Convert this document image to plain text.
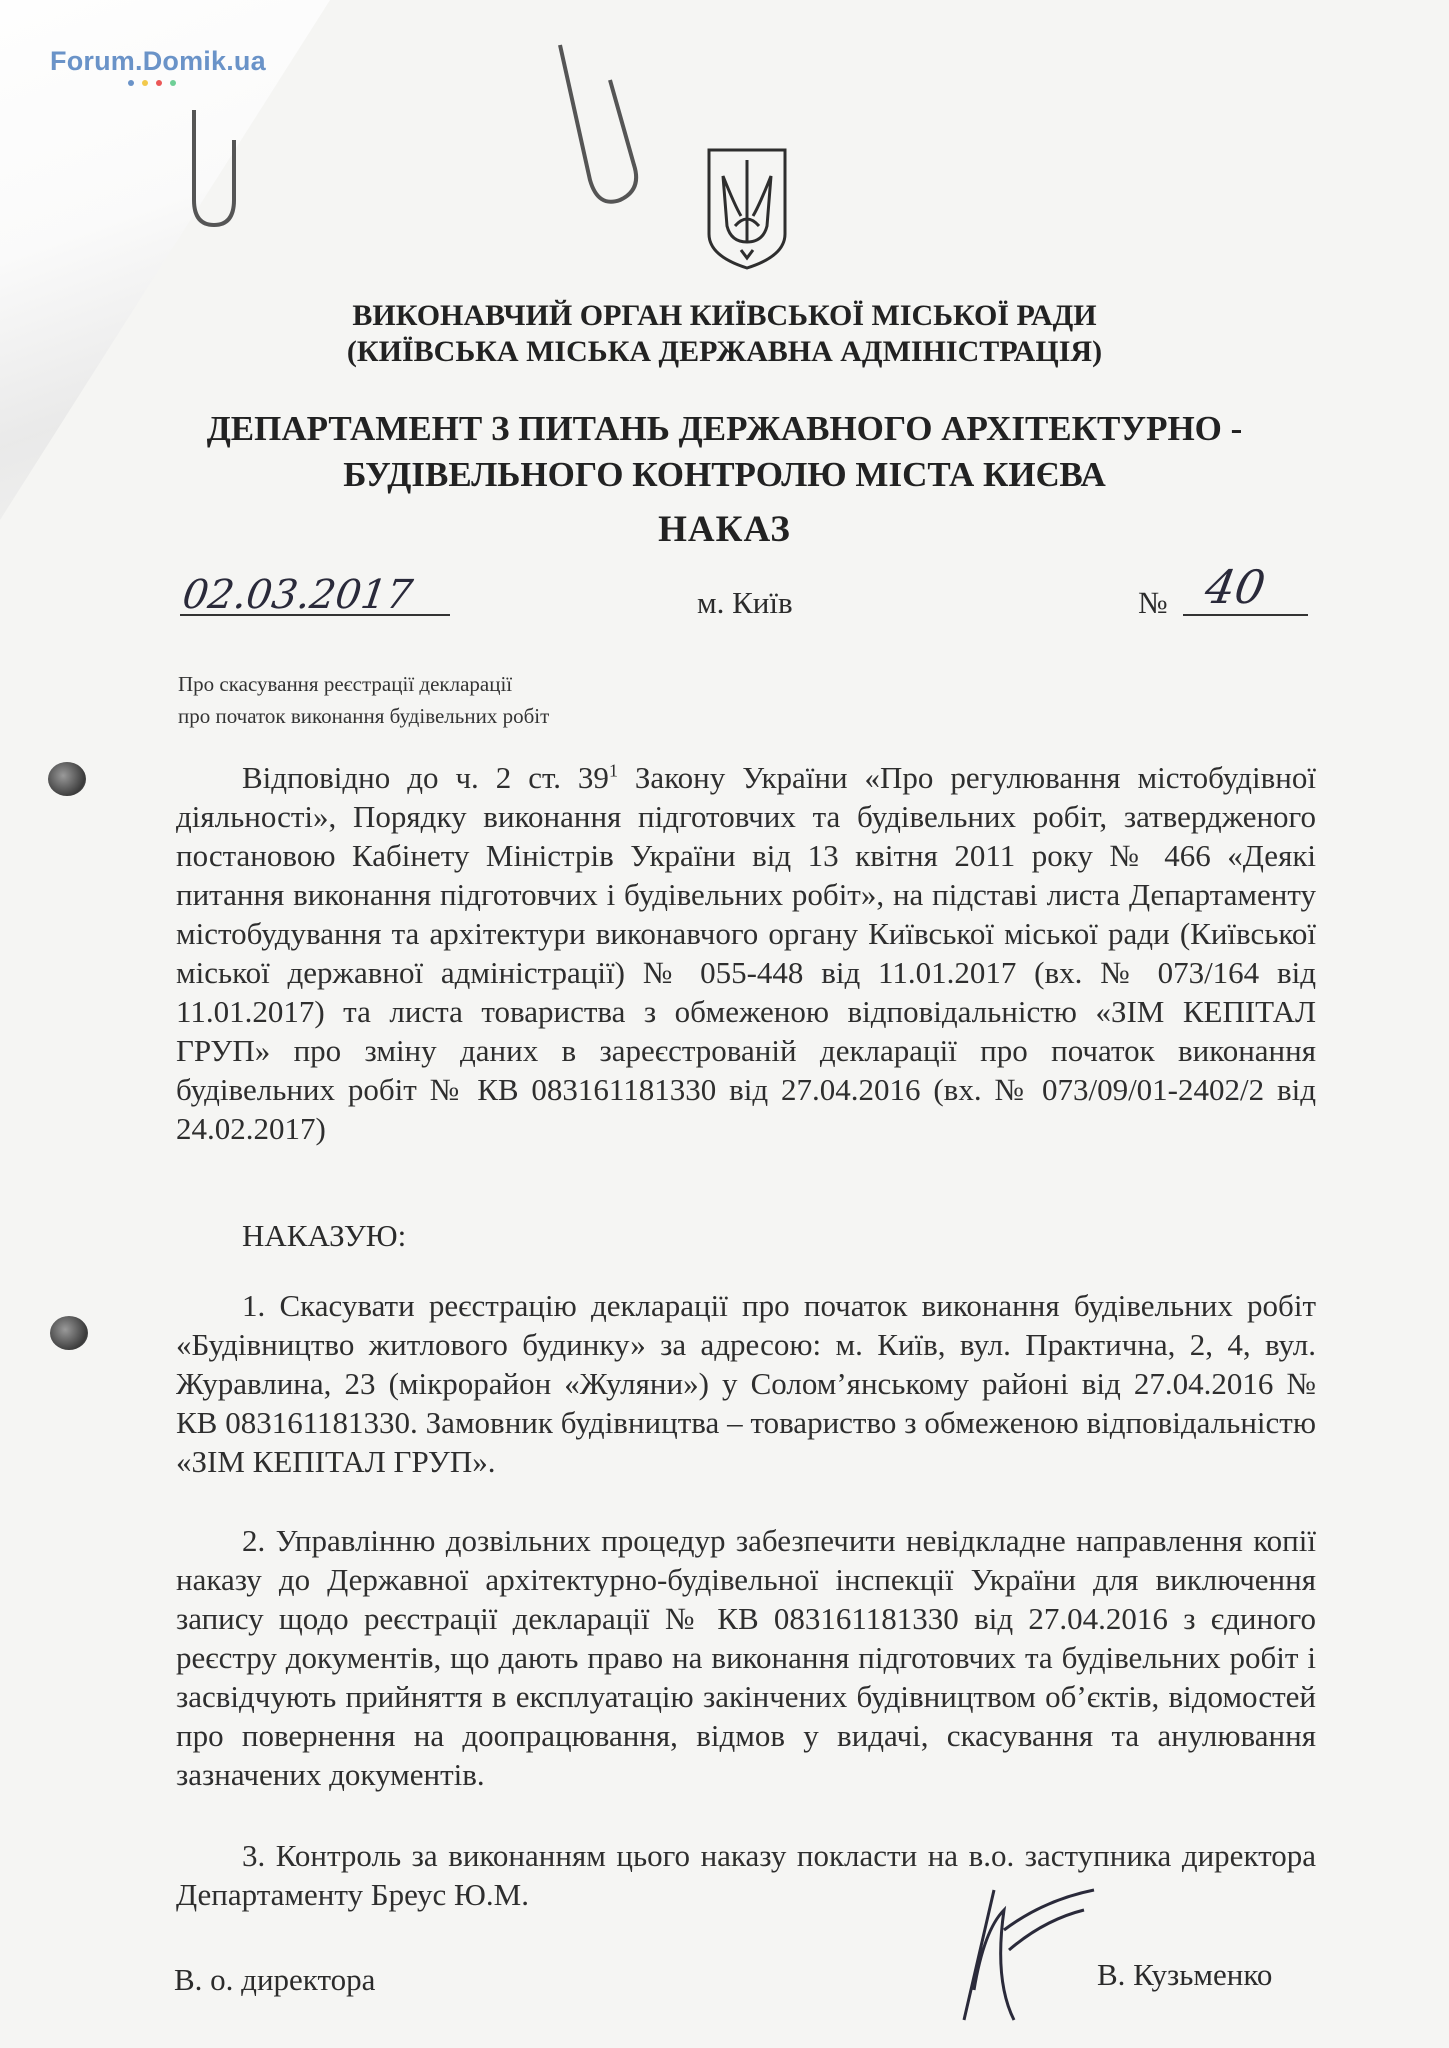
Forum.Domik.ua
ВИКОНАВЧИЙ ОРГАН КИЇВСЬКОЇ МІСЬКОЇ РАДИ
(КИЇВСЬКА МІСЬКА ДЕРЖАВНА АДМІНІСТРАЦІЯ)
ДЕПАРТАМЕНТ З ПИТАНЬ ДЕРЖАВНОГО АРХІТЕКТУРНО -
БУДІВЕЛЬНОГО КОНТРОЛЮ МІСТА КИЄВА
НАКАЗ
02.03.2017	м. Київ	№ 40
Про скасування реєстрації декларації
про початок виконання будівельних робіт
Відповідно до ч. 2 ст. $39^1$ Закону України «Про регулювання містобудівної діяльності», Порядку виконання підготовчих та будівельних робіт, затвердженого постановою Кабінету Міністрів України від 13 квітня 2011 року № 466 «Деякі питання виконання підготовчих і будівельних робіт», на підставі листа Департаменту містобудування та архітектури виконавчого органу Київської міської ради (Київської міської державної адміністрації) № 055-448 від 11.01.2017 (вх. № 073/164 від 11.01.2017) та листа товариства з обмеженою відповідальністю «ЗІМ КЕПІТАЛ ГРУП» про зміну даних в зареєстрованій декларації про початок виконання будівельних робіт № КВ 083161181330 від 27.04.2016 (вх. № 073/09/01-2402/2 від 24.02.2017)
НАКАЗУЮ:
1. Скасувати реєстрацію декларації про початок виконання будівельних робіт «Будівництво житлового будинку» за адресою: м. Київ, вул. Практична, 2, 4, вул. Журавлина, 23 (мікрорайон «Жуляни») у Солом’янському районі від 27.04.2016 № КВ 083161181330. Замовник будівництва – товариство з обмеженою відповідальністю «ЗІМ КЕПІТАЛ ГРУП».
2. Управлінню дозвільних процедур забезпечити невідкладне направлення копії наказу до Державної архітектурно-будівельної інспекції України для виключення запису щодо реєстрації декларації № КВ 083161181330 від 27.04.2016 з єдиного реєстру документів, що дають право на виконання підготовчих та будівельних робіт і засвідчують прийняття в експлуатацію закінчених будівництвом об’єктів, відомостей про повернення на доопрацювання, відмов у видачі, скасування та анулювання зазначених документів.
3. Контроль за виконанням цього наказу покласти на в.о. заступника директора Департаменту Бреус Ю.М.
В. о. директора	В. Кузьменко
